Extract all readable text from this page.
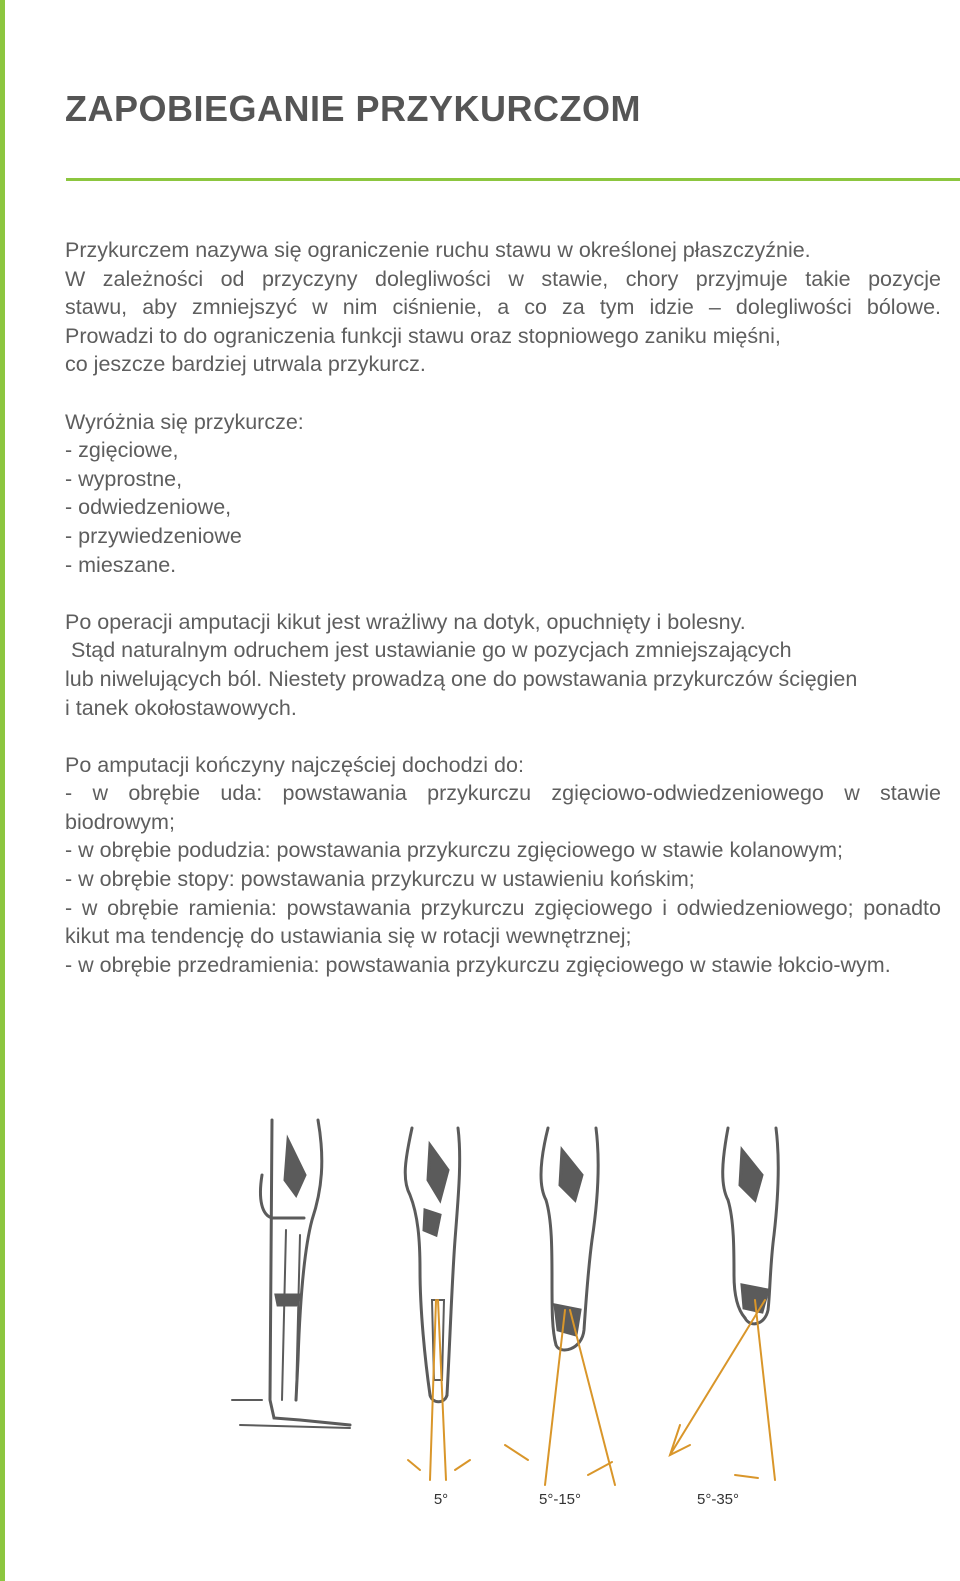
ZAPOBIEGANIE PRZYKURCZOM

Przykurczem nazywa się ograniczenie ruchu stawu w określonej płaszczyźnie.
W zależności od przyczyny dolegliwości w stawie, chory przyjmuje takie pozycje
stawu, aby zmniejszyć w nim ciśnienie, a co za tym idzie – dolegliwości bólowe.
Prowadzi to do ograniczenia funkcji stawu oraz stopniowego zaniku mięśni,
co jeszcze bardziej utrwala przykurcz.

Wyróżnia się przykurcze:
- zgięciowe,
- wyprostne,
- odwiedzeniowe,
- przywiedzeniowe
- mieszane.

Po operacji amputacji kikut jest wrażliwy na dotyk, opuchnięty i bolesny.
Stąd naturalnym odruchem jest ustawianie go w pozycjach zmniejszających
lub niwelujących ból. Niestety prowadzą one do powstawania przykurczów ścięgien
i tanek okołostawowych.

Po amputacji kończyny najczęściej dochodzi do:
- w obrębie uda: powstawania przykurczu zgięciowo-odwiedzeniowego w stawie biodrowym;
- w obrębie podudzia: powstawania przykurczu zgięciowego w stawie kolanowym;
- w obrębie stopy: powstawania przykurczu w ustawieniu końskim;
- w obrębie ramienia: powstawania przykurczu zgięciowego i odwiedzeniowego; ponadto kikut ma tendencję do ustawiania się w rotacji wewnętrznej;
- w obrębie przedramienia: powstawania przykurczu zgięciowego w stawie łokcio-wym.
5°	5°-15°	5°-35°
